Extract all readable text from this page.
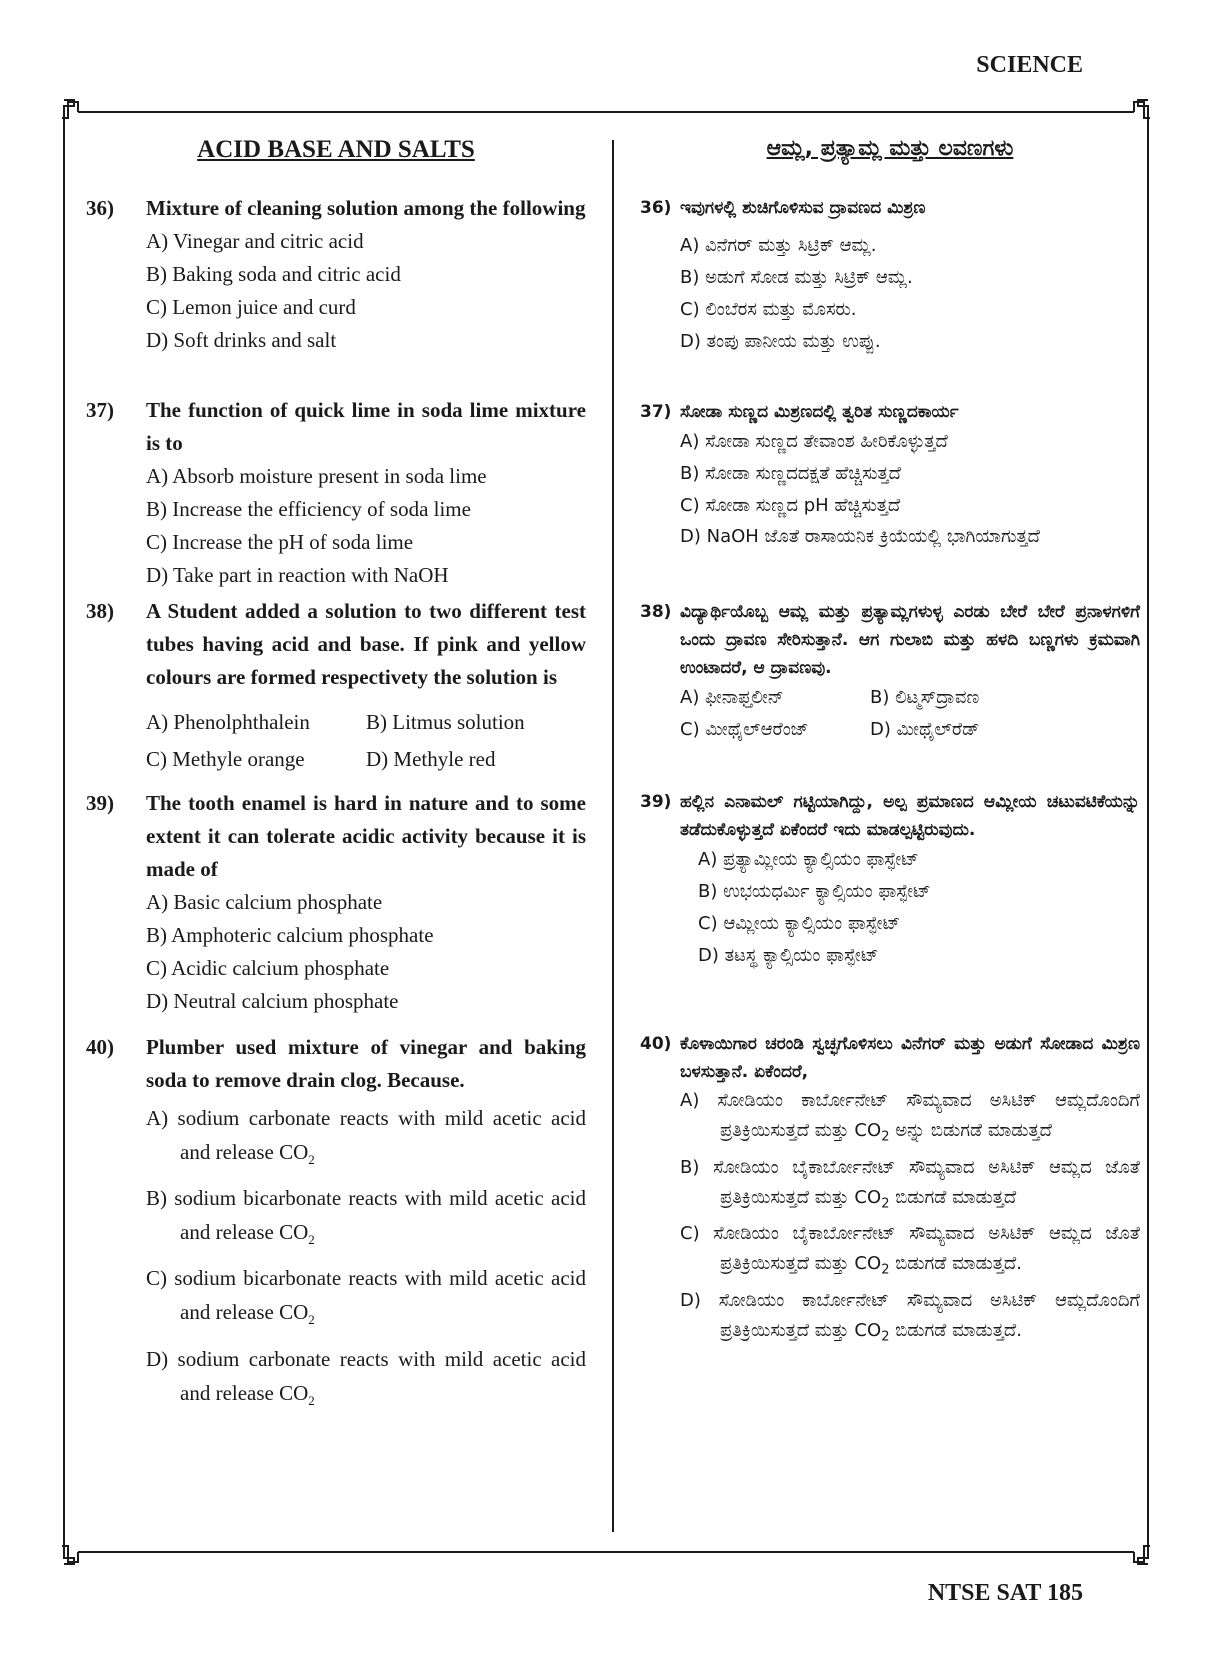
SCIENCE
ACID BASE AND SALTS
36)	Mixture of cleaning solution among the following
A) Vinegar and citric acid
B) Baking soda and citric acid
C) Lemon juice and curd
D) Soft drinks and salt
37)	The function of quick lime in soda lime mixture is to
A) Absorb moisture present in soda lime
B) Increase the efficiency of soda lime
C) Increase the pH of soda lime
D) Take part in reaction with NaOH
38)	A Student added a solution to two different test tubes having acid and base. If pink and yellow colours are formed respectivety the solution is
A) Phenolphthalein	B) Litmus solution
C) Methyle orange	D) Methyle red
39)	The tooth enamel is hard in nature and to some extent it can tolerate acidic activity because it is made of
A) Basic calcium phosphate
B) Amphoteric calcium phosphate
C) Acidic calcium phosphate
D) Neutral calcium phosphate
40)	Plumber used mixture of vinegar and baking soda to remove drain clog. Because.
A) sodium carbonate reacts with mild acetic acid and release $CO_2$
B) sodium bicarbonate reacts with mild acetic acid and release $CO_2$
C) sodium bicarbonate reacts with mild acetic acid and release $CO_2$
D) sodium carbonate reacts with mild acetic acid and release $CO_2$
ಆಮ್ಲ, ಪ್ರತ್ಯಾಮ್ಲ ಮತ್ತು ಲವಣಗಳು
36) ಇವುಗಳಲ್ಲಿ ಶುಚಿಗೊಳಿಸುವ ದ್ರಾವಣದ ಮಿಶ್ರಣ
A) ವಿನೆಗರ್ ಮತ್ತು ಸಿಟ್ರಿಕ್ ಆಮ್ಲ.
B) ಅಡುಗೆ ಸೋಡ ಮತ್ತು ಸಿಟ್ರಿಕ್ ಆಮ್ಲ.
C) ಲಿಂಬೆರಸ ಮತ್ತು ಮೊಸರು.
D) ತಂಪು ಪಾನೀಯ ಮತ್ತು ಉಪ್ಪು.
37) ಸೋಡಾ ಸುಣ್ಣದ ಮಿಶ್ರಣದಲ್ಲಿ ತ್ವರಿತ ಸುಣ್ಣದಕಾರ್ಯ
A) ಸೋಡಾ ಸುಣ್ಣದ ತೇವಾಂಶ ಹೀರಿಕೊಳ್ಳುತ್ತದೆ
B) ಸೋಡಾ ಸುಣ್ಣದದಕ್ಷತೆ ಹೆಚ್ಚಿಸುತ್ತದೆ
C) ಸೋಡಾ ಸುಣ್ಣದ pH ಹೆಚ್ಚಿಸುತ್ತದೆ
D) NaOH ಜೊತೆ ರಾಸಾಯನಿಕ ಕ್ರಿಯೆಯಲ್ಲಿ ಭಾಗಿಯಾಗುತ್ತದೆ
38) ವಿದ್ಯಾರ್ಥಿಯೊಬ್ಬ ಆಮ್ಲ ಮತ್ತು ಪ್ರತ್ಯಾಮ್ಲಗಳುಳ್ಳ ಎರಡು ಬೇರೆ ಬೇರೆ ಪ್ರನಾಳಗಳಿಗೆ ಒಂದು ದ್ರಾವಣ ಸೇರಿಸುತ್ತಾನೆ. ಆಗ ಗುಲಾಬಿ ಮತ್ತು ಹಳದಿ ಬಣ್ಣಗಳು ಕ್ರಮವಾಗಿ ಉಂಟಾದರೆ, ಆ ದ್ರಾವಣವು.
A) ಫೀನಾಫ್ತಲೀನ್	B) ಲಿಟ್ಮಸ್‌ದ್ರಾವಣ
C) ಮೀಥೈಲ್‌ಆರೆಂಜ್	D) ಮೀಥೈಲ್‌ರೆಡ್
39) ಹಲ್ಲಿನ ಎನಾಮಲ್ ಗಟ್ಟಿಯಾಗಿದ್ದು, ಅಲ್ಪ ಪ್ರಮಾಣದ ಆಮ್ಲೀಯ ಚಟುವಟಿಕೆಯನ್ನು ತಡೆದುಕೊಳ್ಳುತ್ತದೆ ಏಕೆಂದರೆ ಇದು ಮಾಡಲ್ಪಟ್ಟಿರುವುದು.
A) ಪ್ರತ್ಯಾಮ್ಲೀಯ ಕ್ಯಾಲ್ಸಿಯಂ ಫಾಸ್ಫೇಟ್
B) ಉಭಯಧರ್ಮಿ ಕ್ಯಾಲ್ಸಿಯಂ ಫಾಸ್ಫೇಟ್
C) ಆಮ್ಲೀಯ ಕ್ಯಾಲ್ಸಿಯಂ ಫಾಸ್ಫೇಟ್
D) ತಟಸ್ಥ ಕ್ಯಾಲ್ಸಿಯಂ ಫಾಸ್ಫೇಟ್
40) ಕೊಳಾಯಿಗಾರ ಚರಂಡಿ ಸ್ವಚ್ಛಗೊಳಿಸಲು ವಿನೆಗರ್ ಮತ್ತು ಅಡುಗೆ ಸೋಡಾದ ಮಿಶ್ರಣ ಬಳಸುತ್ತಾನೆ. ಏಕೆಂದರೆ,
A) ಸೋಡಿಯಂ ಕಾರ್ಬೋನೇಟ್ ಸೌಮ್ಯವಾದ ಅಸಿಟಿಕ್ ಆಮ್ಲದೊಂದಿಗೆ ಪ್ರತಿಕ್ರಿಯಿಸುತ್ತದೆ ಮತ್ತು $CO_2$ ಅನ್ನು ಬಿಡುಗಡೆ ಮಾಡುತ್ತದೆ
B) ಸೋಡಿಯಂ ಬೈಕಾರ್ಬೋನೇಟ್ ಸೌಮ್ಯವಾದ ಅಸಿಟಿಕ್ ಆಮ್ಲದ ಜೊತೆ ಪ್ರತಿಕ್ರಿಯಿಸುತ್ತದೆ ಮತ್ತು $CO_2$ ಬಿಡುಗಡೆ ಮಾಡುತ್ತದೆ
C) ಸೋಡಿಯಂ ಬೈಕಾರ್ಬೋನೇಟ್ ಸೌಮ್ಯವಾದ ಅಸಿಟಿಕ್ ಆಮ್ಲದ ಜೊತೆ ಪ್ರತಿಕ್ರಿಯಿಸುತ್ತದೆ ಮತ್ತು $CO_2$ ಬಿಡುಗಡೆ ಮಾಡುತ್ತದೆ.
D) ಸೋಡಿಯಂ ಕಾರ್ಬೋನೇಟ್ ಸೌಮ್ಯವಾದ ಅಸಿಟಿಕ್ ಆಮ್ಲದೊಂದಿಗೆ ಪ್ರತಿಕ್ರಿಯಿಸುತ್ತದೆ ಮತ್ತು $CO_2$ ಬಿಡುಗಡೆ ಮಾಡುತ್ತದೆ.
NTSE SAT 185
